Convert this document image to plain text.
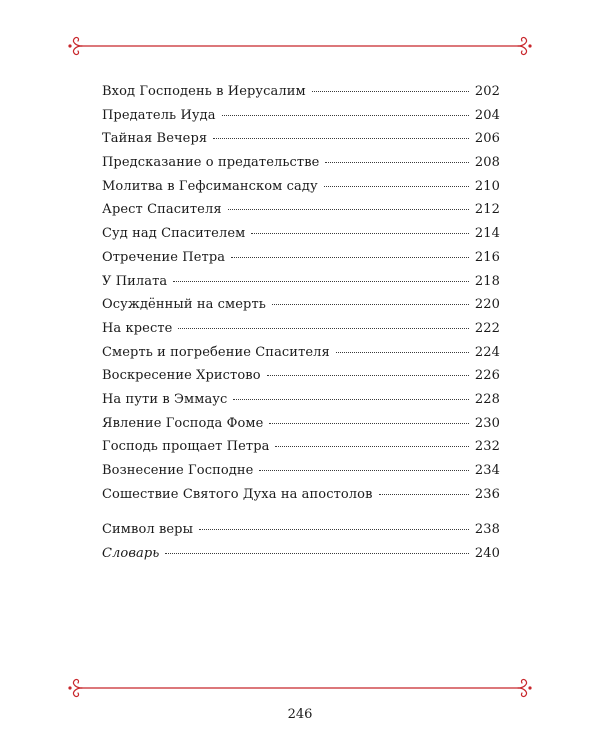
Вход Господень в Иерусалим	202
Предатель Иуда	204
Тайная Вечеря	206
Предсказание о предательстве	208
Молитва в Гефсиманском саду	210
Арест Спасителя	212
Суд над Спасителем	214
Отречение Петра	216
У Пилата	218
Осуждённый на смерть	220
На кресте	222
Смерть и погребение Спасителя	224
Воскресение Христово	226
На пути в Эммаус	228
Явление Господа Фоме	230
Господь прощает Петра	232
Вознесение Господне	234
Сошествие Святого Духа на апостолов	236
Символ веры	238
Словарь	240
246
